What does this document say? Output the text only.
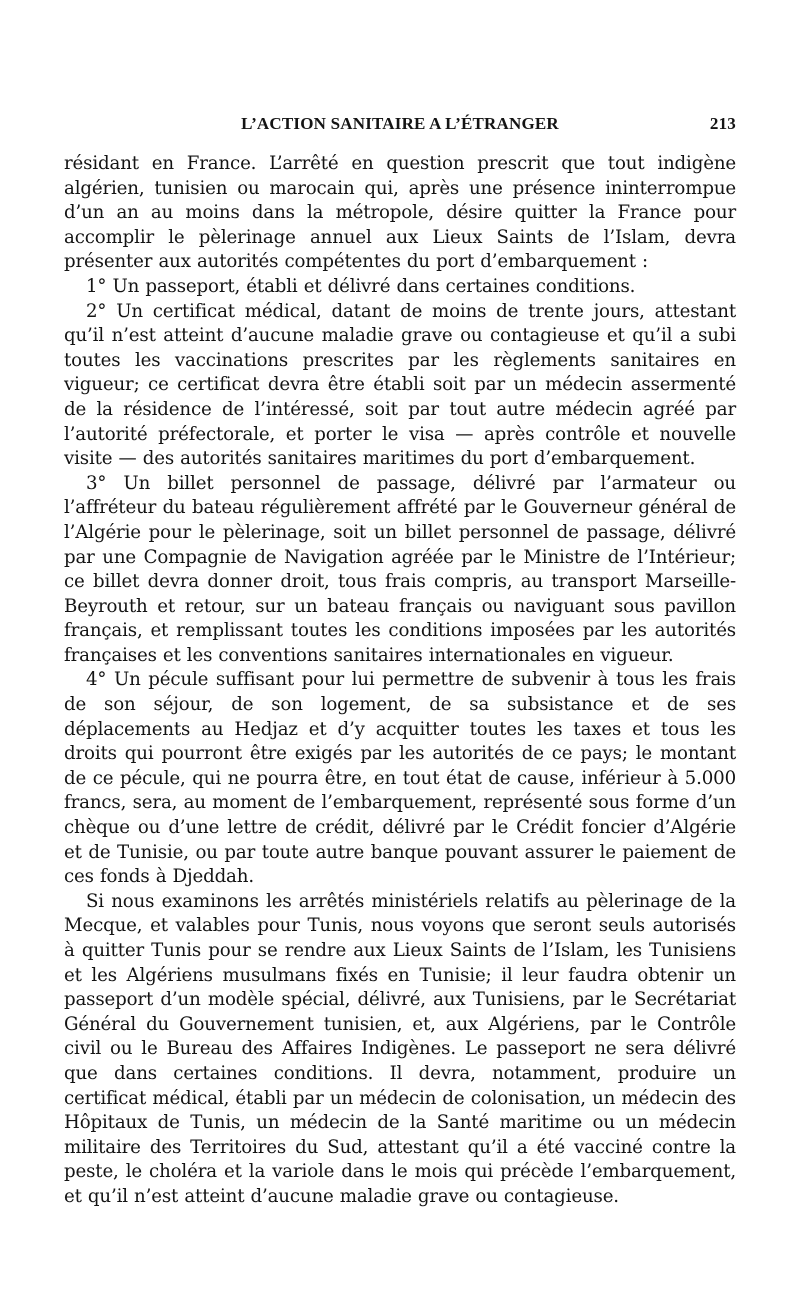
L’ACTION SANITAIRE A L’ÉTRANGER	213

résidant en France. L’arrêté en question prescrit que tout indigène algérien, tunisien ou marocain qui, après une présence ininterrompue d’un an au moins dans la métropole, désire quitter la France pour accomplir le pèlerinage annuel aux Lieux Saints de l’Islam, devra présenter aux autorités compétentes du port d’embarquement :

1° Un passeport, établi et délivré dans certaines conditions.

2° Un certificat médical, datant de moins de trente jours, attestant qu’il n’est atteint d’aucune maladie grave ou contagieuse et qu’il a subi toutes les vaccinations prescrites par les règlements sanitaires en vigueur; ce certificat devra être établi soit par un médecin assermenté de la résidence de l’intéressé, soit par tout autre médecin agréé par l’autorité préfectorale, et porter le visa — après contrôle et nouvelle visite — des autorités sanitaires maritimes du port d’embarquement.

3° Un billet personnel de passage, délivré par l’armateur ou l’affréteur du bateau régulièrement affrété par le Gouverneur général de l’Algérie pour le pèlerinage, soit un billet personnel de passage, délivré par une Compagnie de Navigation agréée par le Ministre de l’Intérieur; ce billet devra donner droit, tous frais compris, au transport Marseille-Beyrouth et retour, sur un bateau français ou naviguant sous pavillon français, et remplissant toutes les conditions imposées par les autorités françaises et les conventions sanitaires internationales en vigueur.

4° Un pécule suffisant pour lui permettre de subvenir à tous les frais de son séjour, de son logement, de sa subsistance et de ses déplacements au Hedjaz et d’y acquitter toutes les taxes et tous les droits qui pourront être exigés par les autorités de ce pays; le montant de ce pécule, qui ne pourra être, en tout état de cause, inférieur à 5.000 francs, sera, au moment de l’embarquement, représenté sous forme d’un chèque ou d’une lettre de crédit, délivré par le Crédit foncier d’Algérie et de Tunisie, ou par toute autre banque pouvant assurer le paiement de ces fonds à Djeddah.

Si nous examinons les arrêtés ministériels relatifs au pèlerinage de la Mecque, et valables pour Tunis, nous voyons que seront seuls autorisés à quitter Tunis pour se rendre aux Lieux Saints de l’Islam, les Tunisiens et les Algériens musulmans fixés en Tunisie; il leur faudra obtenir un passeport d’un modèle spécial, délivré, aux Tunisiens, par le Secrétariat Général du Gouvernement tunisien, et, aux Algériens, par le Contrôle civil ou le Bureau des Affaires Indigènes. Le passeport ne sera délivré que dans certaines conditions. Il devra, notamment, produire un certificat médical, établi par un médecin de colonisation, un médecin des Hôpitaux de Tunis, un médecin de la Santé maritime ou un médecin militaire des Territoires du Sud, attestant qu’il a été vacciné contre la peste, le choléra et la variole dans le mois qui précède l’embarquement, et qu’il n’est atteint d’aucune maladie grave ou contagieuse.
